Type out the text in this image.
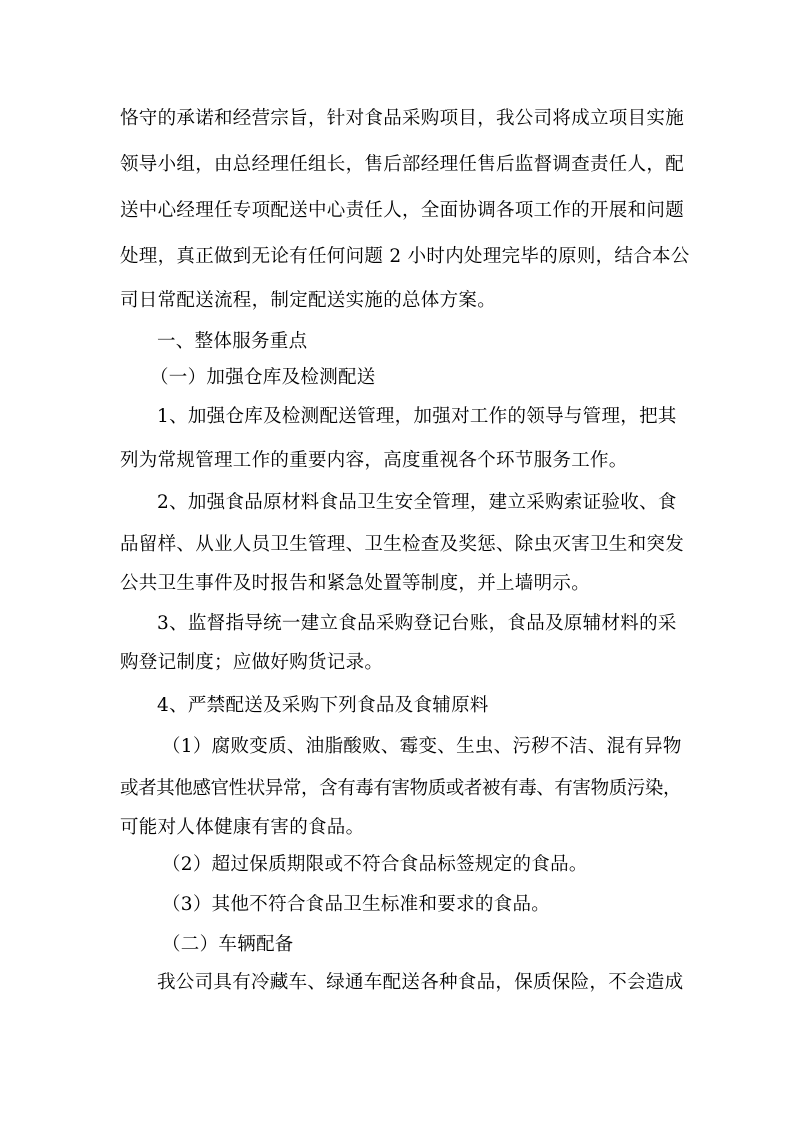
恪守的承诺和经营宗旨，针对食品采购项目，我公司将成立项目实施
领导小组，由总经理任组长，售后部经理任售后监督调查责任人，配
送中心经理任专项配送中心责任人，全面协调各项工作的开展和问题
处理，真正做到无论有任何问题 2 小时内处理完毕的原则，结合本公
司日常配送流程，制定配送实施的总体方案。
一、整体服务重点
（一）加强仓库及检测配送
1、加强仓库及检测配送管理，加强对工作的领导与管理，把其
列为常规管理工作的重要内容，高度重视各个环节服务工作。
2、加强食品原材料食品卫生安全管理，建立采购索证验收、食
品留样、从业人员卫生管理、卫生检查及奖惩、除虫灭害卫生和突发
公共卫生事件及时报告和紧急处置等制度，并上墙明示。
3、监督指导统一建立食品采购登记台账，食品及原辅材料的采
购登记制度；应做好购货记录。
4、严禁配送及采购下列食品及食辅原料
（1）腐败变质、油脂酸败、霉变、生虫、污秽不洁、混有异物
或者其他感官性状异常，含有毒有害物质或者被有毒、有害物质污染，
可能对人体健康有害的食品。
（2）超过保质期限或不符合食品标签规定的食品。
（3）其他不符合食品卫生标准和要求的食品。
（二）车辆配备
我公司具有冷藏车、绿通车配送各种食品，保质保险，不会造成
